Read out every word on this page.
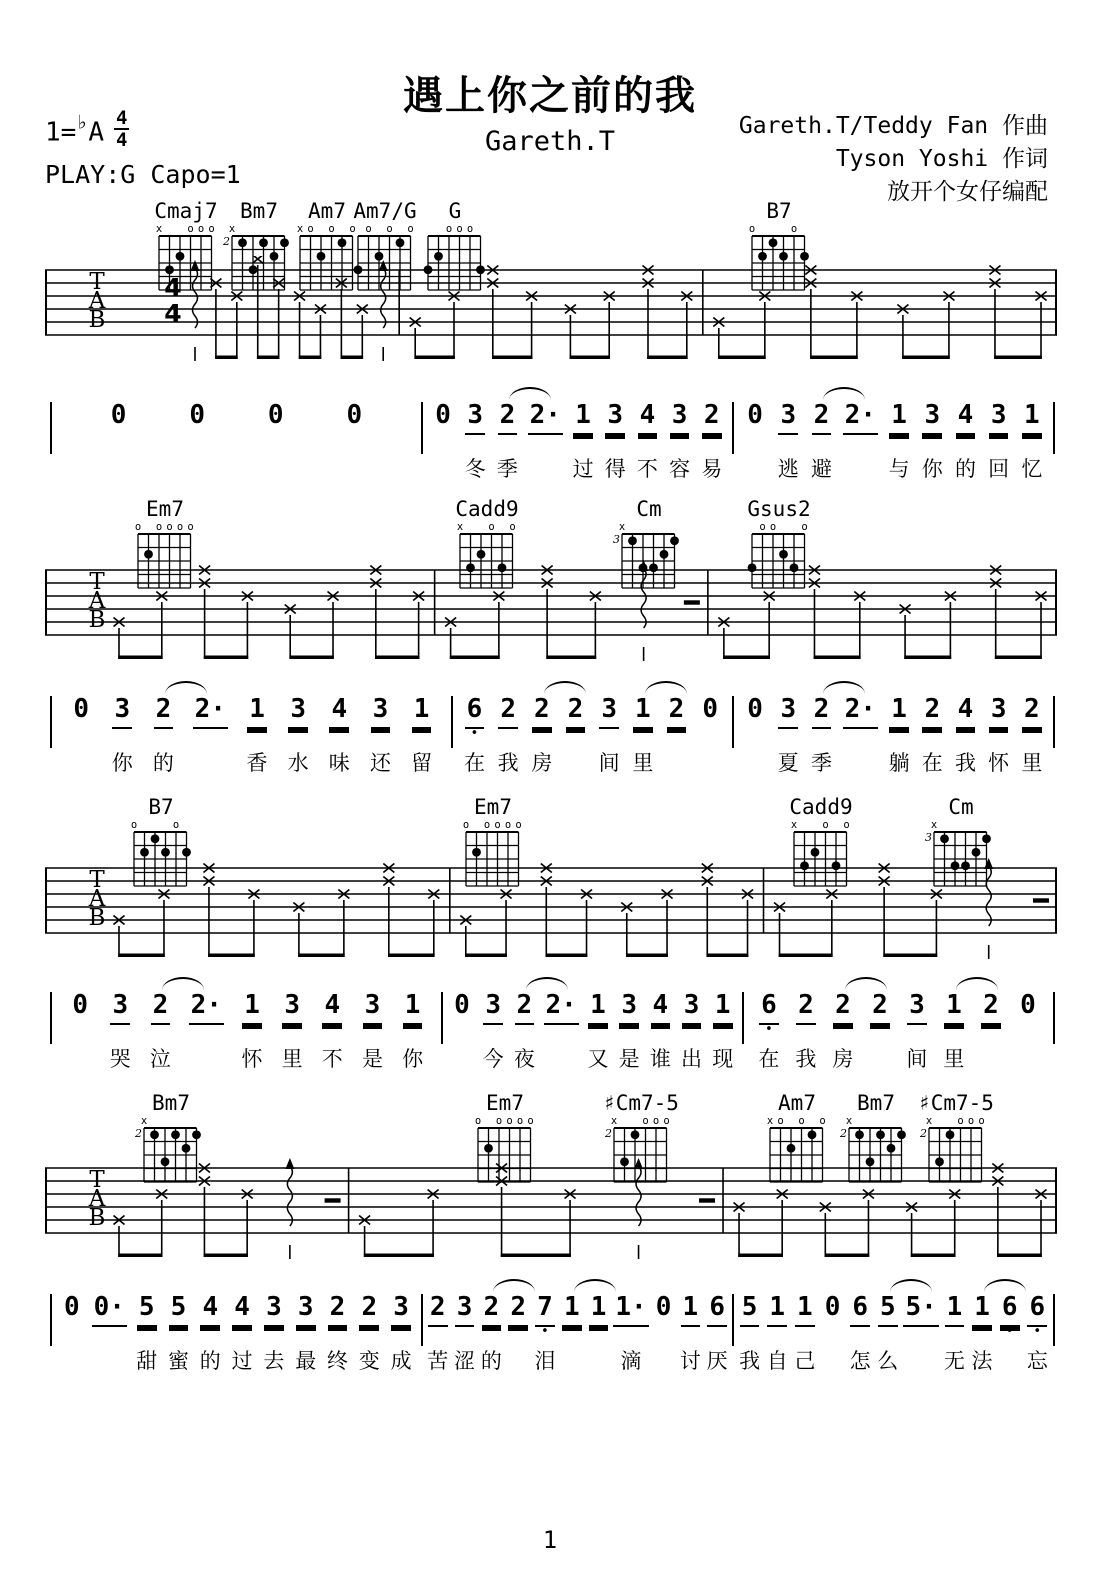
遇上你之前的我
Gareth.T	Gareth.T/Teddy Fan 作曲
Tyson Yoshi 作词
放开个女仔编配
$1=^♭A \frac{4}{4}$
PLAY:G Capo=1
Cmaj7
x o o o
Bm7
x
2
Am7
x o o o
Am7/G
o o o
G
o o o
B7
o	o
T
A
B
4
4
0 0 0 0	0 3
冬
2
季
2· 1
过
3
得
4
不
3
容
2
易
0 3
逃
2
避
2· 1
与
3
你
4
的
3
回
1
忆
Em7
o o o o o
Cadd9
x o o
Cm
x
3
Gsus2
o o o
T
A
B
0 3
你
2
的
2· 1
香
3
水
4
味
3
还
1
留
6
•
在
2
我
2
房
2 3
间
1
里
2 0 0 3
夏
2
季
2· 1
躺
2
在
4
我
3
怀
2
里
B7
o	o
Em7
o o o o o
Cadd9
x o o
Cm
x
3
T
A
B
0 3
哭
2
泣
2· 1
怀
3
里
4
不
3
是
1
你
0 3
今
2
夜
2· 1
又
3
是
4
谁
3
出
1
现
6
•
在
2
我
2
房
2 3
间
1
里
2 0
Bm7
x
2
Em7
o o o o o
♯Cm7-5
x o o o
2
Am7
x o o o
Bm7
x
2
♯Cm7-5
x o o o
2
T
A
B
0 0· 5
甜
5
蜜
4
的
4
过
3
去
3
最
2
终
2
变
3
成
2
苦
3
涩
2
的
2 7
•
泪
1 1 1·
滴
0 1
讨
6
厌
5
我
1
自
1
己
0 6
怎
5
么
5· 1
无
1
法
6
•
6
•
忘
1
